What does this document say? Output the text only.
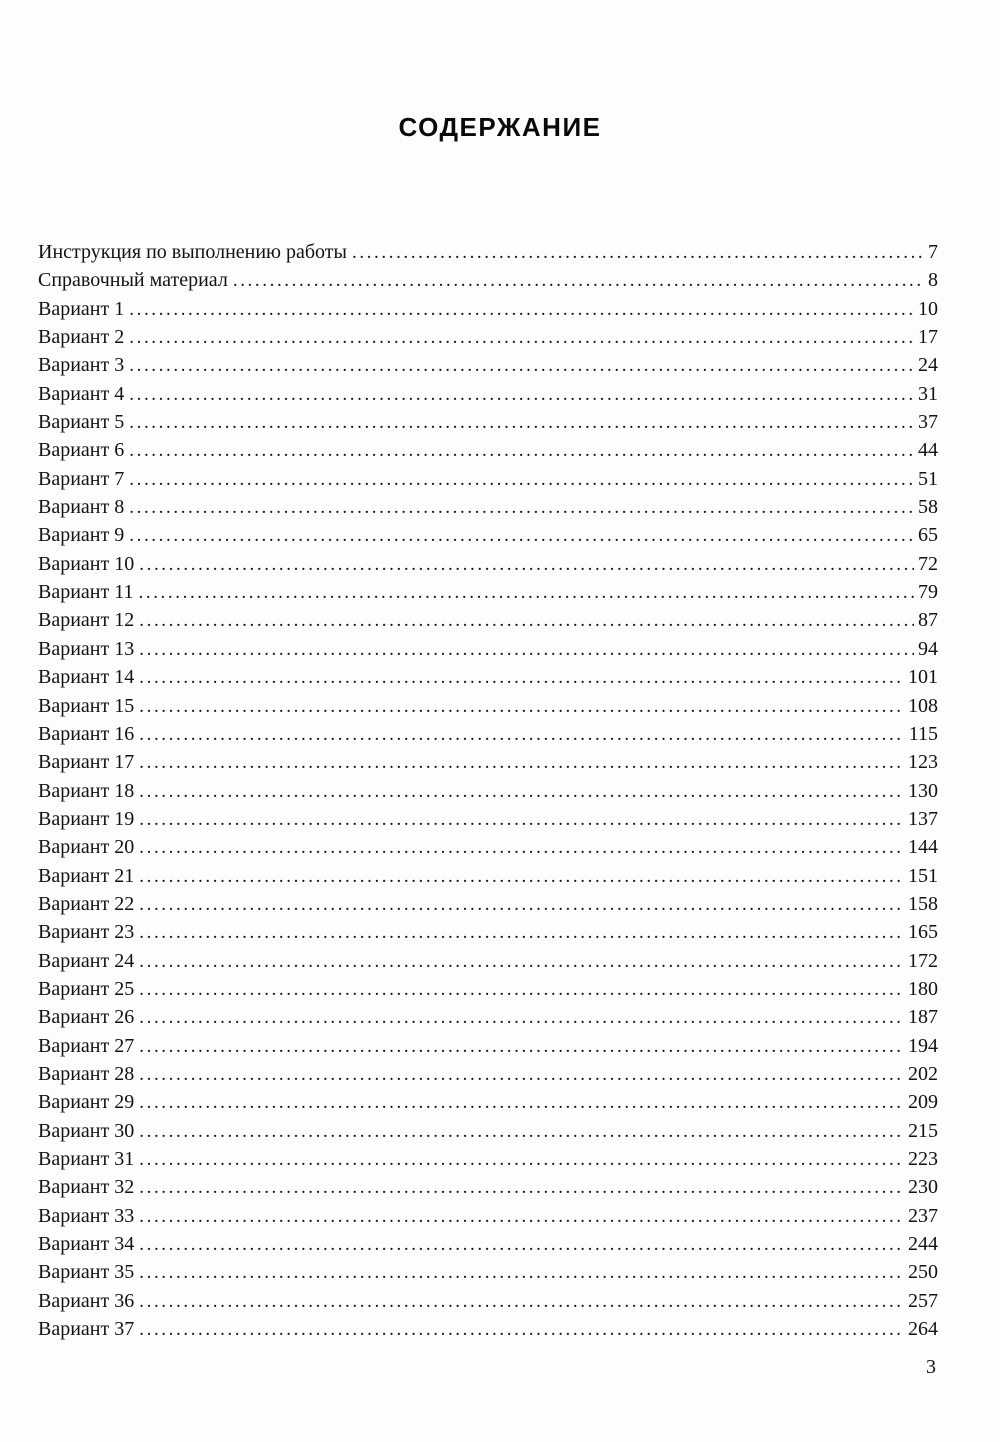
СОДЕРЖАНИЕ
Инструкция по выполнению работы .....	7
Справочный материал .....	8
Вариант 1 .....	10
Вариант 2 .....	17
Вариант 3 .....	24
Вариант 4 .....	31
Вариант 5 .....	37
Вариант 6 .....	44
Вариант 7 .....	51
Вариант 8 .....	58
Вариант 9 .....	65
Вариант 10 .....	72
Вариант 11 .....	79
Вариант 12 .....	87
Вариант 13 .....	94
Вариант 14 .....	101
Вариант 15 .....	108
Вариант 16 .....	115
Вариант 17 .....	123
Вариант 18 .....	130
Вариант 19 .....	137
Вариант 20 .....	144
Вариант 21 .....	151
Вариант 22 .....	158
Вариант 23 .....	165
Вариант 24 .....	172
Вариант 25 .....	180
Вариант 26 .....	187
Вариант 27 .....	194
Вариант 28 .....	202
Вариант 29 .....	209
Вариант 30 .....	215
Вариант 31 .....	223
Вариант 32 .....	230
Вариант 33 .....	237
Вариант 34 .....	244
Вариант 35 .....	250
Вариант 36 .....	257
Вариант 37 .....	264
3
